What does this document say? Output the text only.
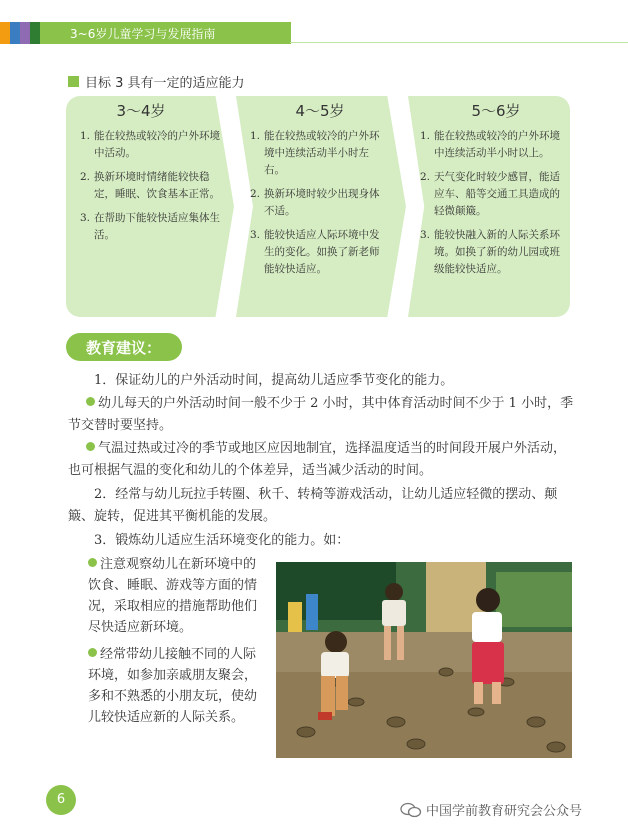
3~6岁儿童学习与发展指南
目标 3 具有一定的适应能力
3～4岁	4～5岁	5～6岁
1. 能在较热或较冷的户外环境中活动。
2. 换新环境时情绪能较快稳定，睡眠、饮食基本正常。
3. 在帮助下能较快适应集体生活。
1. 能在较热或较冷的户外环境中连续活动半小时左右。
2. 换新环境时较少出现身体不适。
3. 能较快适应人际环境中发生的变化。如换了新老师能较快适应。
1. 能在较热或较冷的户外环境中连续活动半小时以上。
2. 天气变化时较少感冒，能适应车、船等交通工具造成的轻微颠簸。
3. 能较快融入新的人际关系环境。如换了新的幼儿园或班级能较快适应。
教育建议：
1．保证幼儿的户外活动时间，提高幼儿适应季节变化的能力。
幼儿每天的户外活动时间一般不少于 2 小时，其中体育活动时间不少于 1 小时，季节交替时要坚持。
气温过热或过冷的季节或地区应因地制宜，选择温度适当的时间段开展户外活动，也可根据气温的变化和幼儿的个体差异，适当减少活动的时间。
2．经常与幼儿玩拉手转圈、秋千、转椅等游戏活动，让幼儿适应轻微的摆动、颠簸、旋转，促进其平衡机能的发展。
3．锻炼幼儿适应生活环境变化的能力。如：
注意观察幼儿在新环境中的饮食、睡眠、游戏等方面的情况，采取相应的措施帮助他们尽快适应新环境。
经常带幼儿接触不同的人际环境，如参加亲戚朋友聚会，多和不熟悉的小朋友玩，使幼儿较快适应新的人际关系。
6
中国学前教育研究会公众号
